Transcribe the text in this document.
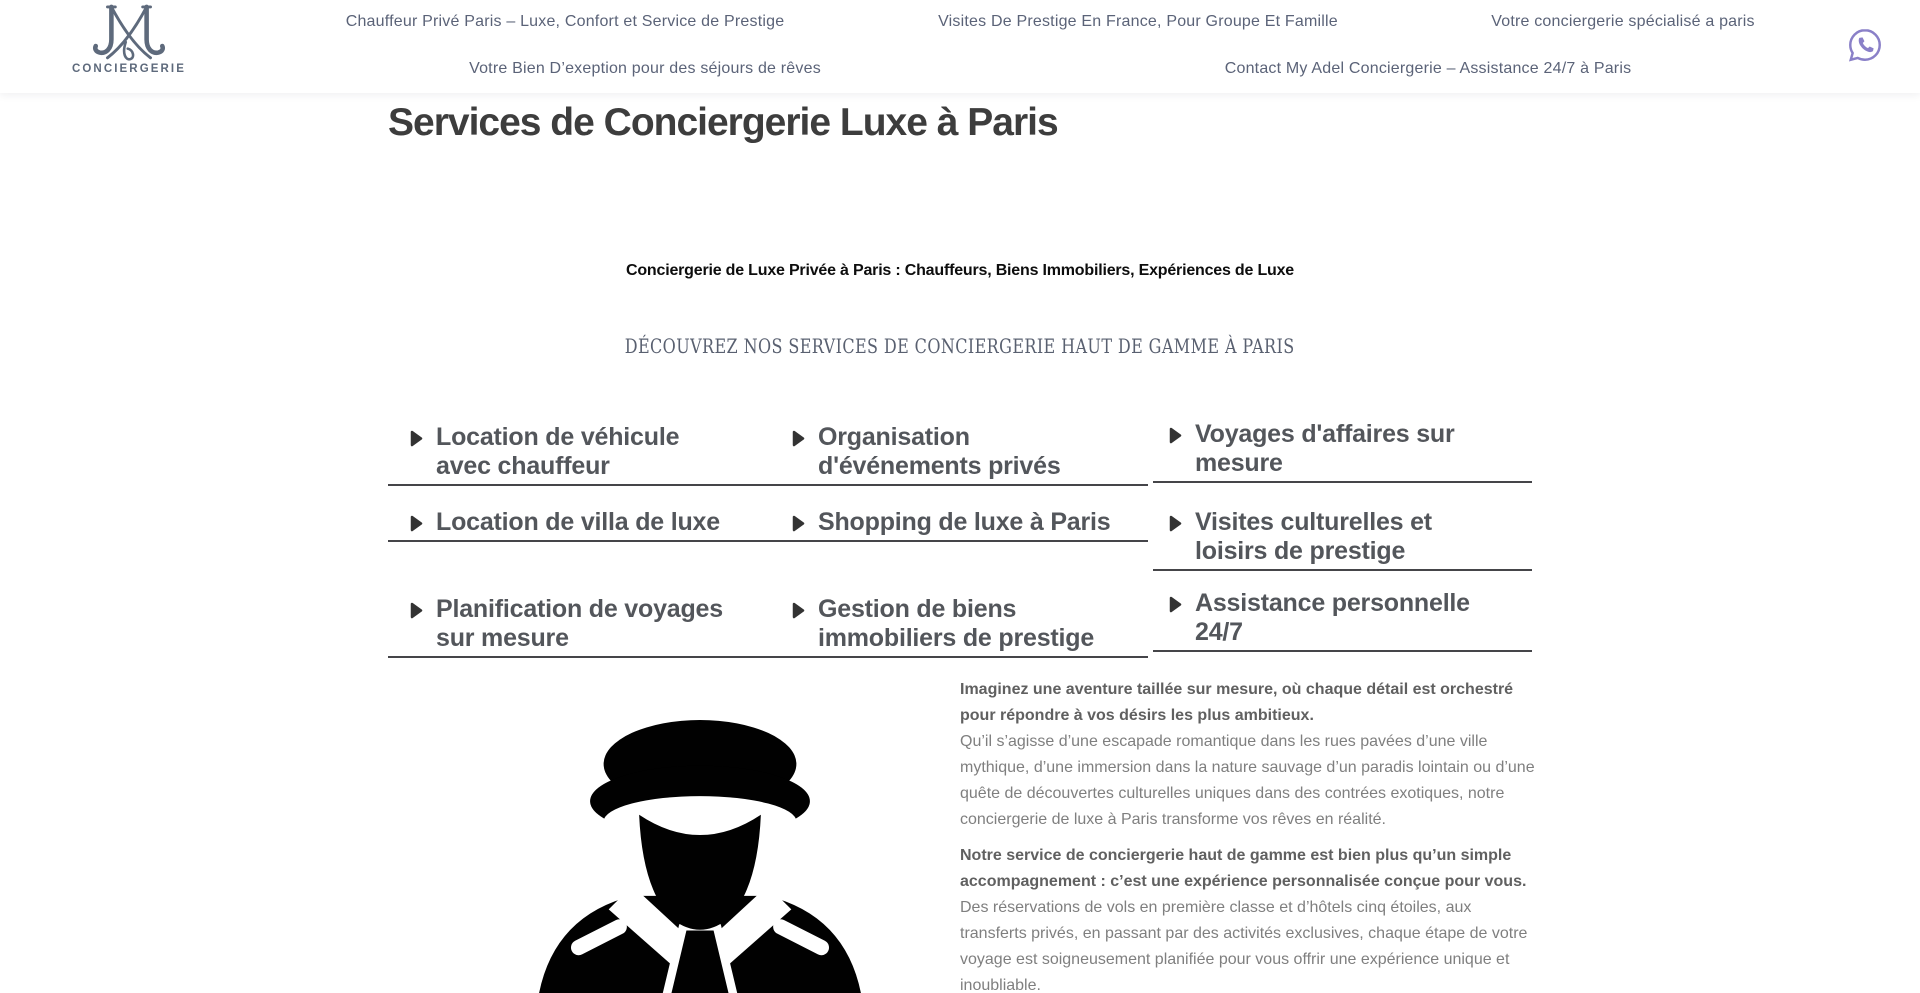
CONCIERGERIE
Chauffeur Privé Paris – Luxe, Confort et Service de Prestige	Visites De Prestige En France, Pour Groupe Et Famille	Votre conciergerie spécialisé a paris
Votre Bien D’exeption pour des séjours de rêves	Contact My Adel Conciergerie – Assistance 24/7 à Paris
Services de Conciergerie Luxe à Paris
Conciergerie de Luxe Privée à Paris : Chauffeurs, Biens Immobiliers, Expériences de Luxe
DÉCOUVREZ NOS SERVICES DE CONCIERGERIE HAUT DE GAMME À PARIS
Location de véhicule avec chauffeur
Organisation d'événements privés
Location de villa de luxe	Shopping de luxe à Paris
Planification de voyages sur mesure
Gestion de biens immobiliers de prestige
Voyages d'affaires sur mesure
Visites culturelles et loisirs de prestige
Assistance personnelle 24/7

Imaginez une aventure taillée sur mesure, où chaque détail est orchestré pour répondre à vos désirs les plus ambitieux.
Qu’il s’agisse d’une escapade romantique dans les rues pavées d’une ville mythique, d’une immersion dans la nature sauvage d’un paradis lointain ou d’une quête de découvertes culturelles uniques dans des contrées exotiques, notre conciergerie de luxe à Paris transforme vos rêves en réalité.

Notre service de conciergerie haut de gamme est bien plus qu’un simple accompagnement : c’est une expérience personnalisée conçue pour vous.
Des réservations de vols en première classe et d’hôtels cinq étoiles, aux transferts privés, en passant par des activités exclusives, chaque étape de votre voyage est soigneusement planifiée pour vous offrir une expérience unique et inoubliable.
